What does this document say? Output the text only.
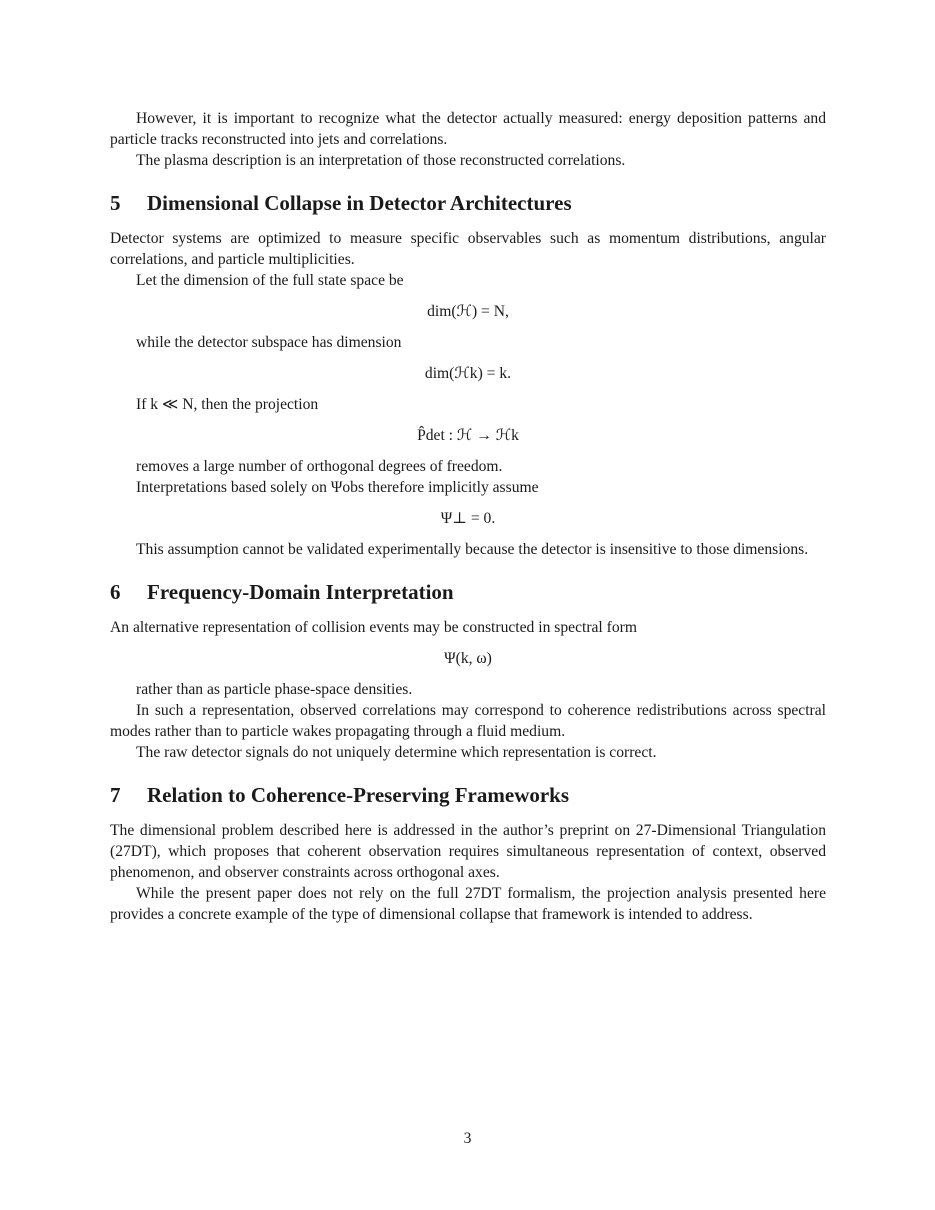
However, it is important to recognize what the detector actually measured: energy deposition patterns and particle tracks reconstructed into jets and correlations.

The plasma description is an interpretation of those reconstructed correlations.

5 Dimensional Collapse in Detector Architectures

Detector systems are optimized to measure specific observables such as momentum distributions, angular correlations, and particle multiplicities.

Let the dimension of the full state space be

dim(ℋ) = N,

while the detector subspace has dimension

dim(ℋk) = k.

If k ≪ N, then the projection

P̂det : ℋ → ℋk

removes a large number of orthogonal degrees of freedom.

Interpretations based solely on Ψobs therefore implicitly assume

Ψ⊥ = 0.

This assumption cannot be validated experimentally because the detector is insensitive to those dimensions.

6 Frequency-Domain Interpretation

An alternative representation of collision events may be constructed in spectral form

Ψ(k, ω)

rather than as particle phase-space densities.

In such a representation, observed correlations may correspond to coherence redistributions across spectral modes rather than to particle wakes propagating through a fluid medium.

The raw detector signals do not uniquely determine which representation is correct.

7 Relation to Coherence-Preserving Frameworks

The dimensional problem described here is addressed in the author’s preprint on 27-Dimensional Triangulation (27DT), which proposes that coherent observation requires simultaneous representation of context, observed phenomenon, and observer constraints across orthogonal axes.

While the present paper does not rely on the full 27DT formalism, the projection analysis presented here provides a concrete example of the type of dimensional collapse that framework is intended to address.

3
